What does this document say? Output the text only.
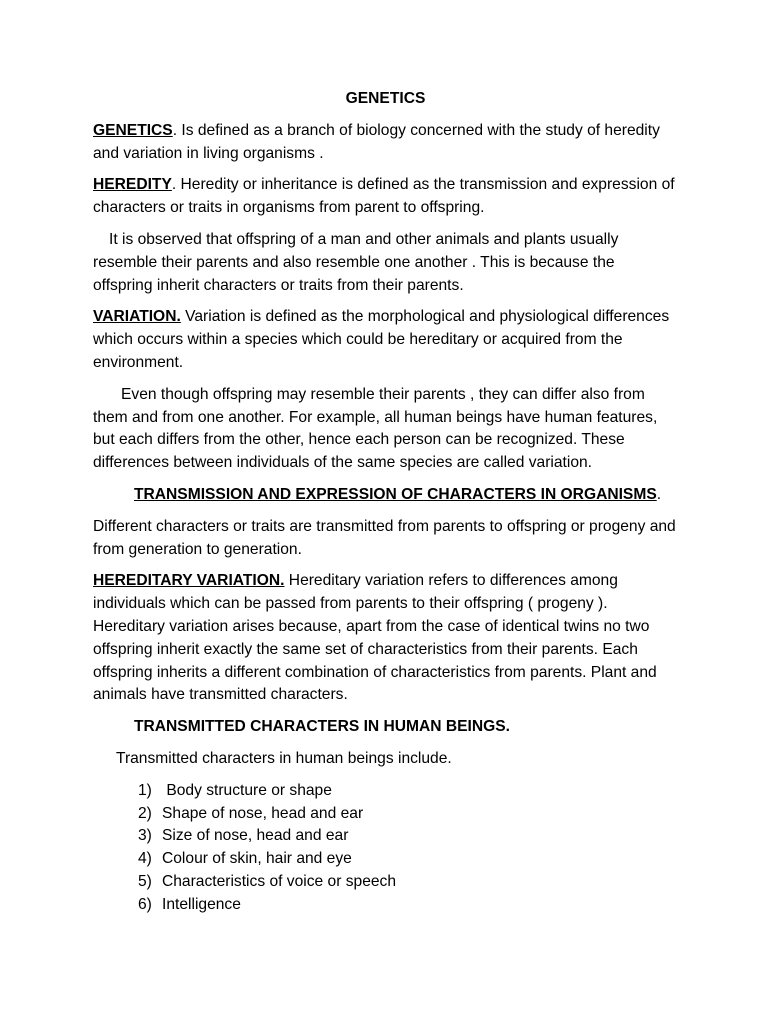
GENETICS

GENETICS. Is defined as a branch of biology concerned with the study of heredity and variation in living organisms .

HEREDITY. Heredity or inheritance is defined as the transmission and expression of characters or traits in organisms from parent to offspring.

It is observed that offspring of a man and other animals and plants usually resemble their parents and also resemble one another . This is because the offspring inherit characters or traits from their parents.

VARIATION. Variation is defined as the morphological and physiological differences which occurs within a species which could be hereditary or acquired from the environment.

Even though offspring may resemble their parents , they can differ also from them and from one another. For example, all human beings have human features, but each differs from the other, hence each person can be recognized. These differences between individuals of the same species are called variation.

TRANSMISSION AND EXPRESSION OF CHARACTERS IN ORGANISMS.

Different characters or traits are transmitted from parents to offspring or progeny and from generation to generation.

HEREDITARY VARIATION. Hereditary variation refers to differences among individuals which can be passed from parents to their offspring ( progeny ). Hereditary variation arises because, apart from the case of identical twins no two offspring inherit exactly the same set of characteristics from their parents. Each offspring inherits a different combination of characteristics from parents. Plant and animals have transmitted characters.

TRANSMITTED CHARACTERS IN HUMAN BEINGS.

Transmitted characters in human beings include.

1) Body structure or shape
2) Shape of nose, head and ear
3) Size of nose, head and ear
4) Colour of skin, hair and eye
5) Characteristics of voice or speech
6) Intelligence
